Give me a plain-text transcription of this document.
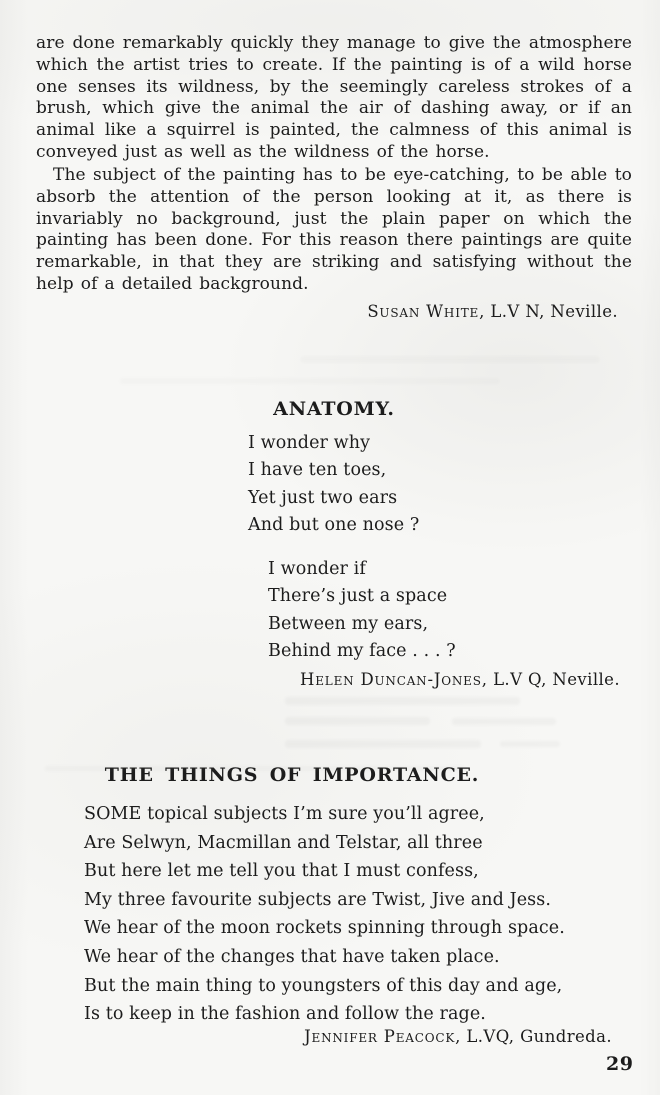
are done remarkably quickly they manage to give the atmosphere which the artist tries to create. If the painting is of a wild horse one senses its wildness, by the seemingly careless strokes of a brush, which give the animal the air of dashing away, or if an animal like a squirrel is painted, the calmness of this animal is conveyed just as well as the wildness of the horse.

The subject of the painting has to be eye-catching, to be able to absorb the attention of the person looking at it, as there is invariably no background, just the plain paper on which the painting has been done. For this reason there paintings are quite remarkable, in that they are striking and satisfying without the help of a detailed background.

Susan White, L.V N, Neville.
ANATOMY.
I wonder why
I have ten toes,
Yet just two ears
And but one nose ?
I wonder if
There’s just a space
Between my ears,
Behind my face . . . ?
Helen Duncan-Jones, L.V Q, Neville.
THE THINGS OF IMPORTANCE.
SOME topical subjects I’m sure you’ll agree,
Are Selwyn, Macmillan and Telstar, all three
But here let me tell you that I must confess,
My three favourite subjects are Twist, Jive and Jess.
We hear of the moon rockets spinning through space.
We hear of the changes that have taken place.
But the main thing to youngsters of this day and age,
Is to keep in the fashion and follow the rage.
Jennifer Peacock, L.VQ, Gundreda.
29
